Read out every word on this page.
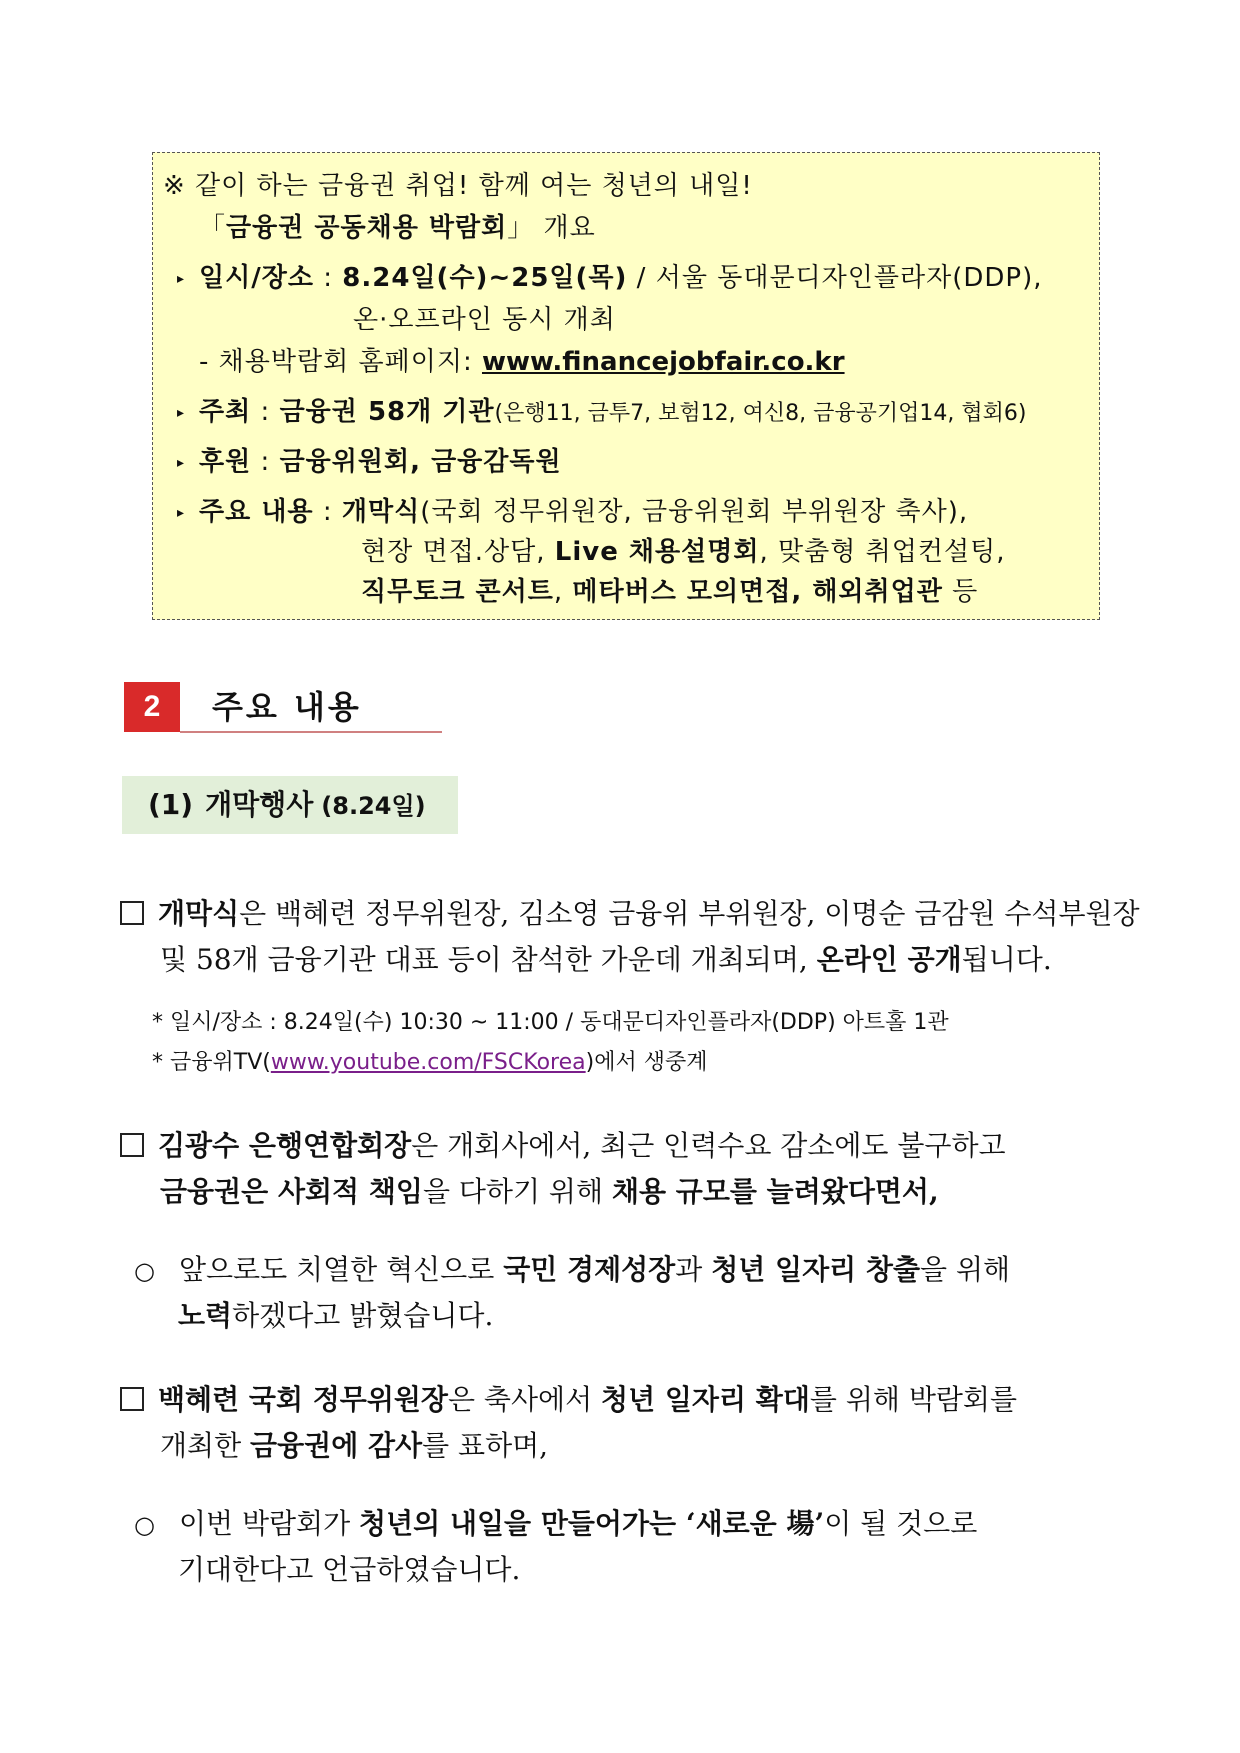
※ 같이 하는 금융권 취업! 함께 여는 청년의 내일!
「금융권 공동채용 박람회」 개요
▸ 일시/장소 : 8.24일(수)~25일(목) / 서울 동대문디자인플라자(DDP),
온·오프라인 동시 개최
- 채용박람회 홈페이지: www.financejobfair.co.kr
▸ 주최 : 금융권 58개 기관(은행11, 금투7, 보험12, 여신8, 금융공기업14, 협회6)
▸ 후원 : 금융위원회, 금융감독원
▸ 주요 내용 : 개막식(국회 정무위원장, 금융위원회 부위원장 축사),
현장 면접.상담, Live 채용설명회, 맞춤형 취업컨설팅,
직무토크 콘서트, 메타버스 모의면접, 해외취업관 등
2	주요 내용
(1) 개막행사 (8.24일)
개막식은 백혜련 정무위원장, 김소영 금융위 부위원장, 이명순 금감원 수석부원장
및 58개 금융기관 대표 등이 참석한 가운데 개최되며, 온라인 공개됩니다.
* 일시/장소 : 8.24일(수) 10:30 ~ 11:00 / 동대문디자인플라자(DDP) 아트홀 1관
* 금융위TV(www.youtube.com/FSCKorea)에서 생중계
김광수 은행연합회장은 개회사에서, 최근 인력수요 감소에도 불구하고
금융권은 사회적 책임을 다하기 위해 채용 규모를 늘려왔다면서,
○ 앞으로도 치열한 혁신으로 국민 경제성장과 청년 일자리 창출을 위해
노력하겠다고 밝혔습니다.
백혜련 국회 정무위원장은 축사에서 청년 일자리 확대를 위해 박람회를
개최한 금융권에 감사를 표하며,
○ 이번 박람회가 청년의 내일을 만들어가는 ‘새로운 場’이 될 것으로
기대한다고 언급하였습니다.
